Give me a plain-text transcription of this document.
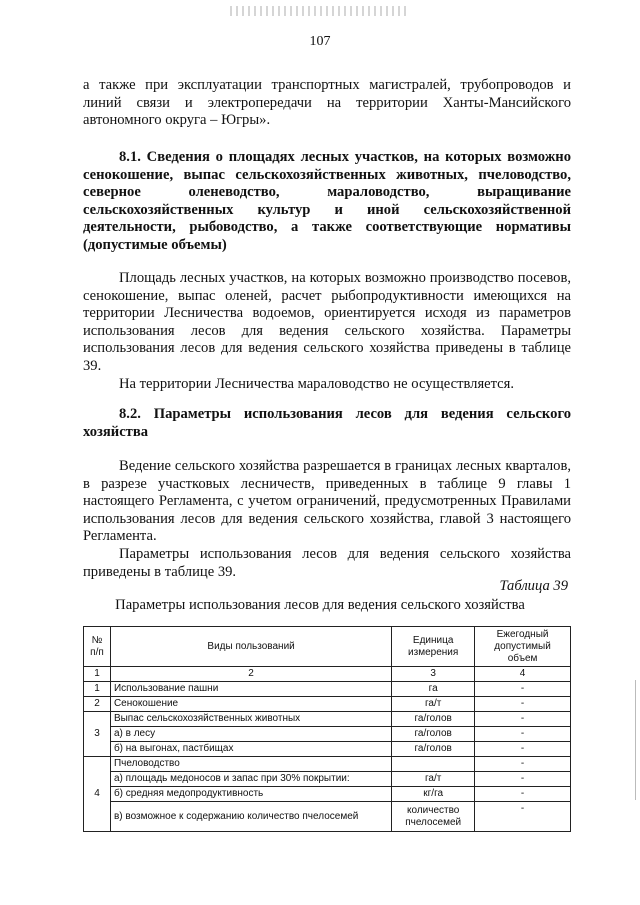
107

а также при эксплуатации транспортных магистралей, трубопроводов и линий связи и электропередачи на территории Ханты-Мансийского автономного округа – Югры».

8.1. Сведения о площадях лесных участков, на которых возможно сенокошение, выпас сельскохозяйственных животных, пчеловодство, северное оленеводство, мараловодство, выращивание сельскохозяйственных культур и иной сельскохозяйственной деятельности, рыбоводство, а также соответствующие нормативы (допустимые объемы)

Площадь лесных участков, на которых возможно производство посевов, сенокошение, выпас оленей, расчет рыбопродуктивности имеющихся на территории Лесничества водоемов, ориентируется исходя из параметров использования лесов для ведения сельского хозяйства. Параметры использования лесов для ведения сельского хозяйства приведены в таблице 39.

На территории Лесничества мараловодство не осуществляется.

8.2. Параметры использования лесов для ведения сельского хозяйства

Ведение сельского хозяйства разрешается в границах лесных кварталов, в разрезе участковых лесничеств, приведенных в таблице 9 главы 1 настоящего Регламента, с учетом ограничений, предусмотренных Правилами использования лесов для ведения сельского хозяйства, главой 3 настоящего Регламента.

Параметры использования лесов для ведения сельского хозяйства приведены в таблице 39.

Таблица 39
Параметры использования лесов для ведения сельского хозяйства
№ п/п	Виды пользований	Единица измерения	Ежегодный допустимый объем
1	2	3	4
1	Использование пашни	га	-
2	Сенокошение	га/т	-
3	Выпас сельскохозяйственных животных	га/голов	-
	а) в лесу	га/голов	-
	б) на выгонах, пастбищах	га/голов	-
4	Пчеловодство		-
	а) площадь медоносов и запас при 30% покрытии:	га/т	-
	б) средняя медопродуктивность	кг/га	-
	в) возможное к содержанию количество пчелосемей	количество пчелосемей	-
